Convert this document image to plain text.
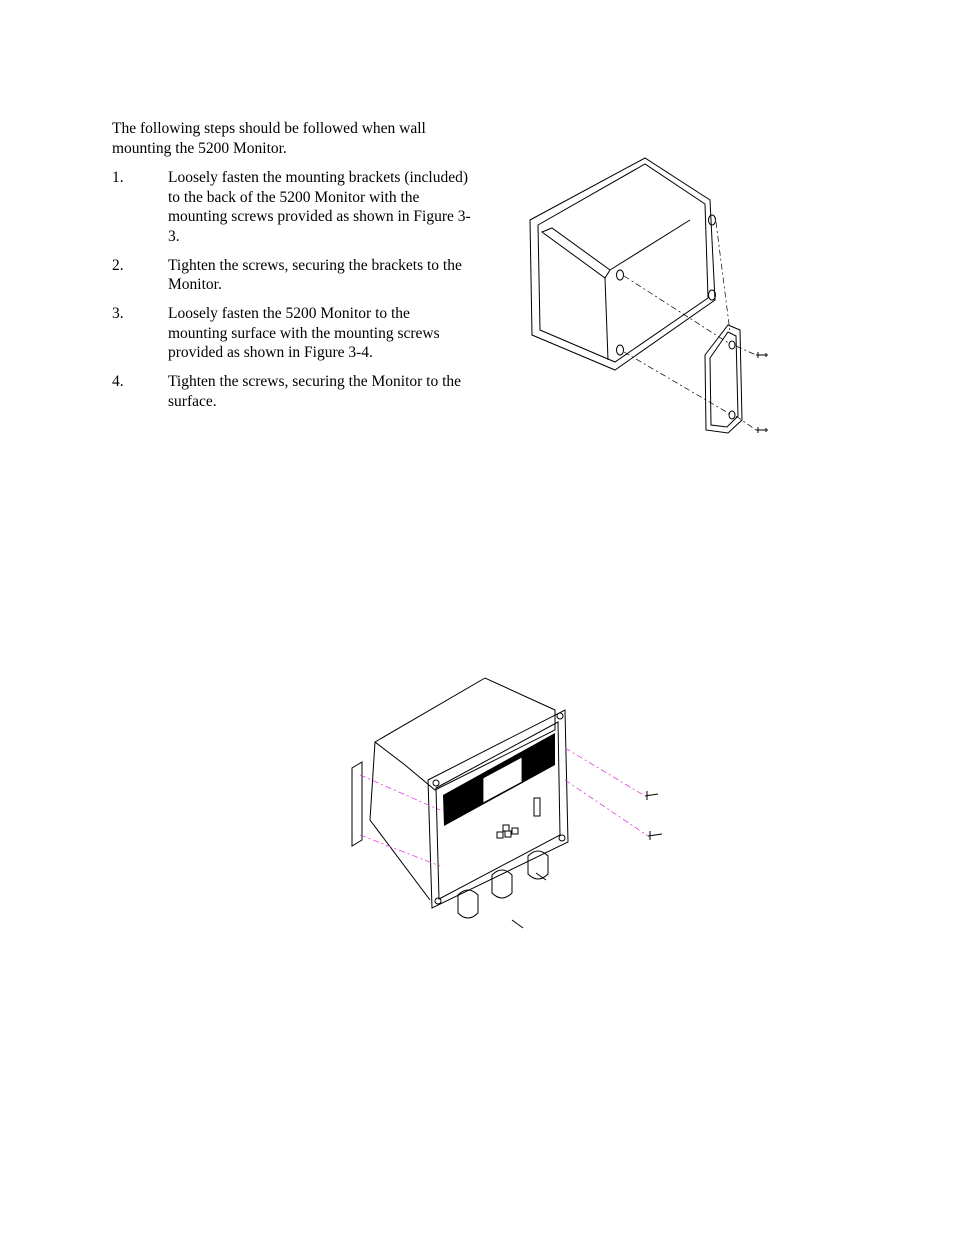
The following steps should be followed when wall mounting the 5200 Monitor.

1.	Loosely fasten the mounting brackets (included) to the back of the 5200 Monitor with the mounting screws provided as shown in Figure 3-3.
2.	Tighten the screws, securing the brackets to the Monitor.
3.	Loosely fasten the 5200 Monitor to the mounting surface with the mounting screws provided as shown in Figure 3-4.
4.	Tighten the screws, securing the Monitor to the surface.
